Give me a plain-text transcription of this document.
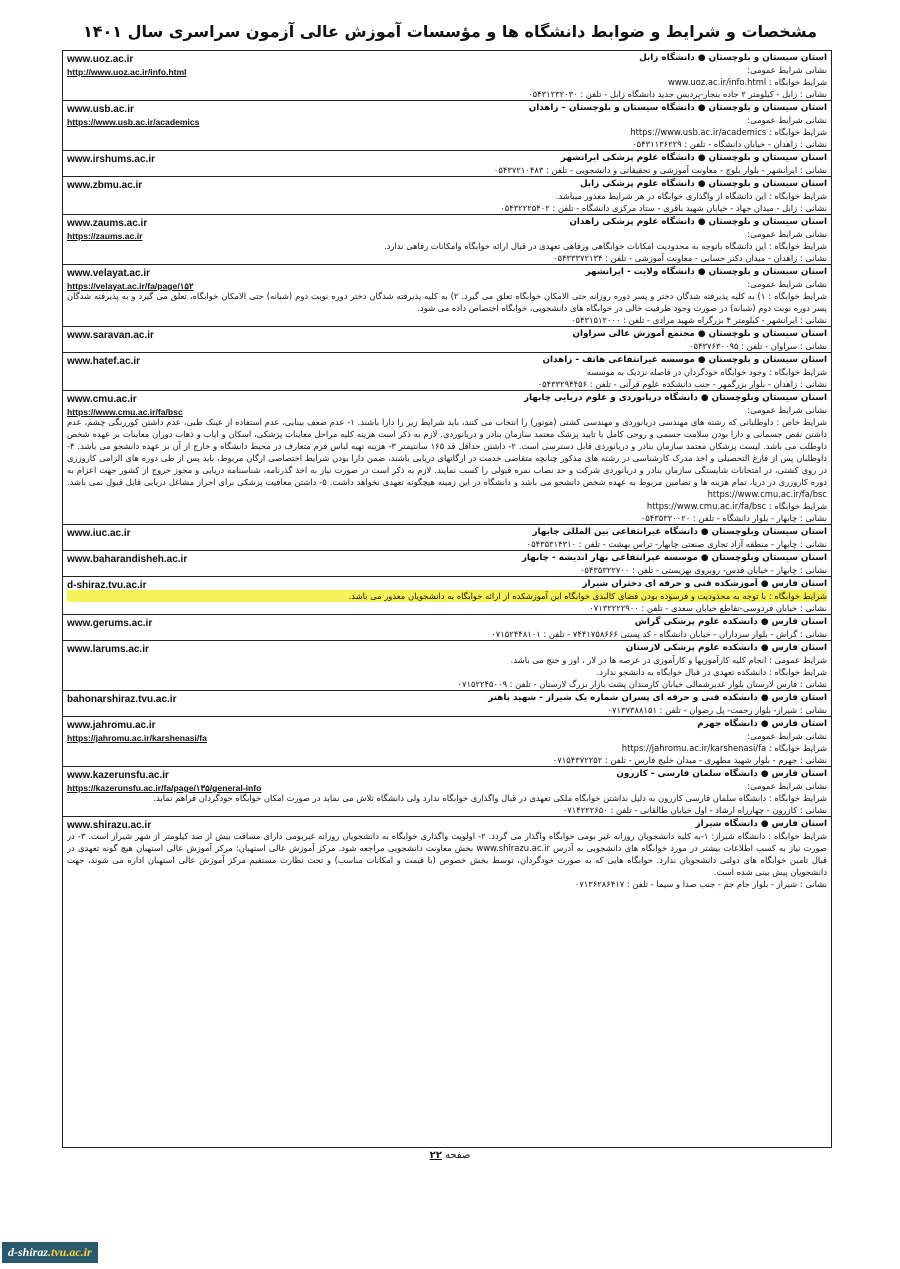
مشخصات و شرایط و ضوابط دانشگاه ها و مؤسسات آموزش عالی آزمون سراسری سال ۱۴۰۱
www.uoz.ac.ir
http://www.uoz.ac.ir/info.html
استان سیستان و بلوچستان ● دانشگاه زابل
نشانی شرایط عمومی:
شرایط خوابگاه : www.uoz.ac.ir/info.html
نشانی : زابل - کیلومتر ۲ جاده بنجار-پردیس جدید دانشگاه زابل - تلفن : ۰۵۴۳۱۲۳۲۰۳۰
www.usb.ac.ir
https://www.usb.ac.ir/academics
استان سیستان و بلوچستان ● دانشگاه سیستان و بلوچستان – زاهدان
نشانی شرایط عمومی:
شرایط خوابگاه : https://www.usb.ac.ir/academics
نشانی : زاهدان - خیابان دانشگاه - تلفن : ۰۵۴۳۱۱۳۶۲۲۹
www.irshums.ac.ir	استان سیستان و بلوچستان ● دانشگاه علوم پزشکی ایرانشهر
نشانی : ایرانشهر - بلوار بلوچ - معاونت آموزشی و تحقیقاتی و دانشجویی - تلفن : ۰۵۴۳۷۲۱۰۴۸۳
www.zbmu.ac.ir	استان سیستان و بلوچستان ● دانشگاه علوم پزشکی زابل
شرایط خوابگاه : این دانشگاه از واگذاری خوابگاه در هر شرایط معذور میباشد.
نشانی : زابل - میدان جهاد - خیابان شهید باقری - ستاد مرکزی دانشگاه - تلفن : ۰۵۴۳۲۲۲۵۴۰۲
www.zaums.ac.ir
https://zaums.ac.ir
استان سیستان و بلوچستان ● دانشگاه علوم پزشکی زاهدان
نشانی شرایط عمومی:
شرایط خوابگاه : این دانشگاه باتوجه به محدودیت امکانات خوابگاهی ورفاهی تعهدی در قبال ارائه خوابگاه وامکانات رفاهی ندارد.
نشانی : زاهدان - میدان دکتر حسابی - معاونت آموزشی - تلفن : ۰۵۴۳۳۳۷۲۱۳۴
www.velayat.ac.ir
https://velayat.ac.ir/fa/page/۱۵۲
استان سیستان و بلوچستان ● دانشگاه ولایت - ایرانشهر
نشانی شرایط عمومی:
شرایط خوابگاه : ۱) به کلیه پذیرفته شدگان دختر و پسر دوره روزانه حتی الامکان خوابگاه تعلق می گیرد. ۲) به کلیه پذیرفته شدگان دختر دوره نوبت دوم (شبانه) حتی الامکان خوابگاه، تعلق می گیرد و به پذیرفته شدگان پسر دوره نوبت دوم (شبانه) در صورت وجود ظرفیت خالی در خوابگاه های دانشجویی، خوابگاه اختصاص داده می شود.
نشانی : ایرانشهر - کیلومتر ۴ بزرگراه شهید مرادی - تلفن : ۰۵۴۳۱۵۱۲۰۰۰
www.saravan.ac.ir	استان سیستان و بلوچستان ● مجتمع آموزش عالی سراوان
نشانی : سراوان - تلفن : ۰۵۴۳۷۶۳۰۰۹۵
www.hatef.ac.ir	استان سیستان و بلوچستان ● موسسه غیرانتفاعی هاتف - زاهدان
شرایط خوابگاه : وجود خوابگاه خودگردان در فاصله نزدیک به موسسه
نشانی : زاهدان - بلوار بزرگمهر - جنب دانشکده علوم قرآنی - تلفن : ۰۵۴۳۳۲۹۴۴۵۶
www.cmu.ac.ir
https://www.cmu.ac.ir/fa/bsc
استان سیستان وبلوچستان ● دانشگاه دریانوردی و علوم دریایی چابهار
نشانی شرایط عمومی:
شرایط خاص : داوطلبانی که رشته های مهندسی دریانوردی و مهندسی کشتی (موتور) را انتخاب می کنند، باید شرایط زیر را دارا باشند. ۱- عدم ضعف بینایی، عدم استفاده از عینک طبی، عدم داشتن کوررنگی چشم، عدم داشتن نقص جسمانی و دارا بودن سلامت جسمی و روحی کامل با تایید پزشک معتمد سازمان بنادر و دریانوردی. لازم به ذکر است هزینه کلیه مراحل معاینات پزشکی، اسکان و ایاب و ذهاب دوران معاینات بر عهده شخص داوطلب می باشد. لیست پزشکان معتمد سازمان بنادر و دریانوردی قابل دسترسی است. ۲- داشتن حداقل قد ۱۶۵ سانتیمتر ۳- هزینه تهیه لباس فرم متعارف در محیط دانشگاه و خارج از آن بر عهده دانشجو می باشد. ۴- داوطلبان پس از فارغ التحصیلی و اخذ مدرک کارشناسی در رشته های مذکور چنانچه متقاضی خدمت در ارگانهای دریایی باشند، ضمن دارا بودن شرایط اختصاصی ارگان مربوط، باید پس از طی دوره های الزامی کاروزری در روی کشتی، در امتحانات شایستگی سازمان بنادر و دریانوردی شرکت و حد نصاب نمره قبولی را کسب نمایند. لازم به ذکر است در صورت نیاز به اخذ گذرنامه، شناسنامه دریایی و مجوز خروج از کشور جهت اعزام به دوره کاروزری در دریا، تمام هزینه ها و تضامین مربوط به عهده شخص دانشجو می باشد و دانشگاه در این زمینه هیچگونه تعهدی نخواهد داشت. ۵- داشتن معافیت پزشکی برای احراز مشاغل دریایی قابل قبول نمی باشد. https://www.cmu.ac.ir/fa/bsc
شرایط خوابگاه : https://www.cmu.ac.ir/fa/bsc
نشانی : چابهار - بلوار دانشگاه - تلفن : ۰۵۴۳۵۳۲۰۰۲۰
www.iuc.ac.ir	استان سیستان وبلوچستان ● دانشگاه غیرانتفاعی بین المللی چابهار
نشانی : چابهار - منطقه آزاد تجاری صنعتی چابهار- تراس بهشت - تلفن : ۰۵۴۳۵۳۱۴۳۱۰
www.baharandisheh.ac.ir	استان سیستان وبلوچستان ● موسسه غیرانتفاعی بهار اندیشه - چابهار
نشانی : چابهار - خیابان قدس- روبروی بهزیستی - تلفن : ۰۵۴۳۵۳۲۲۷۰۰
d-shiraz.tvu.ac.ir	استان فارس ● آموزشکده فنی و حرفه ای دختران شیراز
شرایط خوابگاه : با توجه به محدودیت و فرسوده بودن فضای کالبدی خوابگاه این آموزشکده از ارائه خوابگاه به دانشجویان معذور می باشد.
نشانی : خیابان فردوسی-تقاطع خیابان سعدی - تلفن : ۰۷۱۳۲۲۲۲۹۰۰
www.gerums.ac.ir	استان فارس ● دانشکده علوم پزشکی گراش
نشانی : گراش - بلوار سرداران - خیابان دانشگاه - کد پستی ۷۴۴۱۷۵۸۶۶۶ - تلفن : ۰۷۱۵۲۴۴۸۱۰۱
www.larums.ac.ir	استان فارس ● دانشکده علوم پزشکی لارستان
شرایط عمومی : انجام کلیه کارآموزیها و کارآموزی در عرصه ها در لار ، اوز و خنج می باشد.
شرایط خوابگاه : دانشکده تعهدی در قبال خوابگاه به دانشجو ندارد.
نشانی : فارس لارستان بلوار غدیرشمالی خیابان کارمندان پشت بازار بزرگ لارستان - تلفن : ۰۷۱۵۲۲۴۵۰۰۹
bahonarshiraz.tvu.ac.ir	استان فارس ● دانشکده فنی و حرفه ای پسران شماره یک شیراز - شهید باهنر
نشانی : شیراز- بلوار رحمت- پل رضوان - تلفن : ۰۷۱۳۷۳۸۸۱۵۱
www.jahromu.ac.ir
https://jahromu.ac.ir/karshenasi/fa
استان فارس ● دانشگاه جهرم
نشانی شرایط عمومی:
شرایط خوابگاه : https://jahromu.ac.ir/karshenasi/fa
نشانی : جهرم - بلوار شهید مطهری - میدان خلیج فارس - تلفن : ۰۷۱۵۴۳۷۲۲۵۲
www.kazerunsfu.ac.ir
https://kazerunsfu.ac.ir/fa/page/۱۳۵/general-info
استان فارس ● دانشگاه سلمان فارسی - کازرون
نشانی شرایط عمومی:
شرایط خوابگاه : دانشگاه سلمان فارسی کازرون به دلیل نداشتن خوابگاه ملکی تعهدی در قبال واگذاری خوابگاه ندارد ولی دانشگاه تلاش می نماید در صورت امکان خوابگاه خودگردان فراهم نماید.
نشانی : کازرون - چهارراه ارشاد - اول خیابان طالقانی - تلفن : ۰۷۱۴۲۲۲۶۵۰
www.shirazu.ac.ir	استان فارس ● دانشگاه شیراز
شرایط خوابگاه : دانشگاه شیراز: ۱-به کلیه دانشجویان روزانه غیر بومی خوابگاه واگذار می گردد. ۲- اولویت واگذاری خوابگاه به دانشجویان روزانه غیربومی دارای مسافت بیش از صد کیلومتر از شهر شیراز است. ۳- در صورت نیاز به کسب اطلاعات بیشتر در مورد خوابگاه های دانشجویی به آدرس www.shirazu.ac.ir بخش معاونت دانشجویی مراجعه شود. مرکز آموزش عالی استهبان: مرکز آموزش عالی استهبان هیچ گونه تعهدی در قبال تامین خوابگاه های دولتی دانشجویان ندارد. خوابگاه هایی که به صورت خودگردان، توسط بخش خصوص (با قیمت و امکانات مناسب) و تحت نظارت مستقیم مرکز آموزش عالی استهبان اداره می شوند، جهت دانشجویان پیش بینی شده است.
نشانی : شیراز - بلوار جام جم - جنب صدا و سیما - تلفن : ۰۷۱۳۶۲۸۶۴۱۷
صفحه ۲۲
d-shiraz.tvu.ac.ir
